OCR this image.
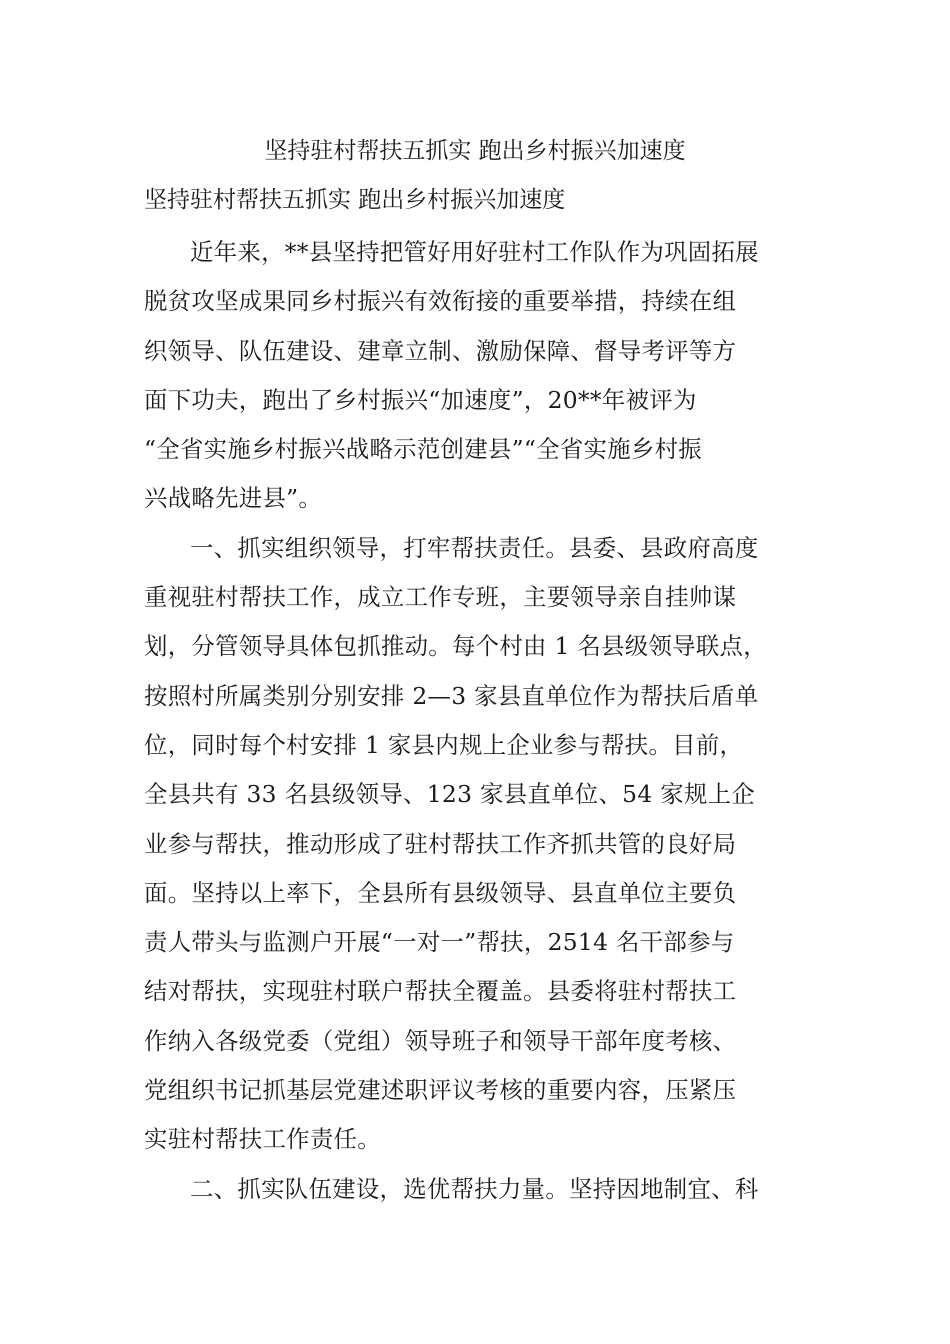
坚持驻村帮扶五抓实 跑出乡村振兴加速度
坚持驻村帮扶五抓实 跑出乡村振兴加速度

近年来，**县坚持把管好用好驻村工作队作为巩固拓展
脱贫攻坚成果同乡村振兴有效衔接的重要举措，持续在组
织领导、队伍建设、建章立制、激励保障、督导考评等方
面下功夫，跑出了乡村振兴“加速度”，20**年被评为
“全省实施乡村振兴战略示范创建县”“全省实施乡村振
兴战略先进县”。

一、抓实组织领导，打牢帮扶责任。县委、县政府高度
重视驻村帮扶工作，成立工作专班，主要领导亲自挂帅谋
划，分管领导具体包抓推动。每个村由 1 名县级领导联点，
按照村所属类别分别安排 2—3 家县直单位作为帮扶后盾单
位，同时每个村安排 1 家县内规上企业参与帮扶。目前，
全县共有 33 名县级领导、123 家县直单位、54 家规上企
业参与帮扶，推动形成了驻村帮扶工作齐抓共管的良好局
面。坚持以上率下，全县所有县级领导、县直单位主要负
责人带头与监测户开展“一对一”帮扶，2514 名干部参与
结对帮扶，实现驻村联户帮扶全覆盖。县委将驻村帮扶工
作纳入各级党委（党组）领导班子和领导干部年度考核、
党组织书记抓基层党建述职评议考核的重要内容，压紧压
实驻村帮扶工作责任。

二、抓实队伍建设，选优帮扶力量。坚持因地制宜、科
